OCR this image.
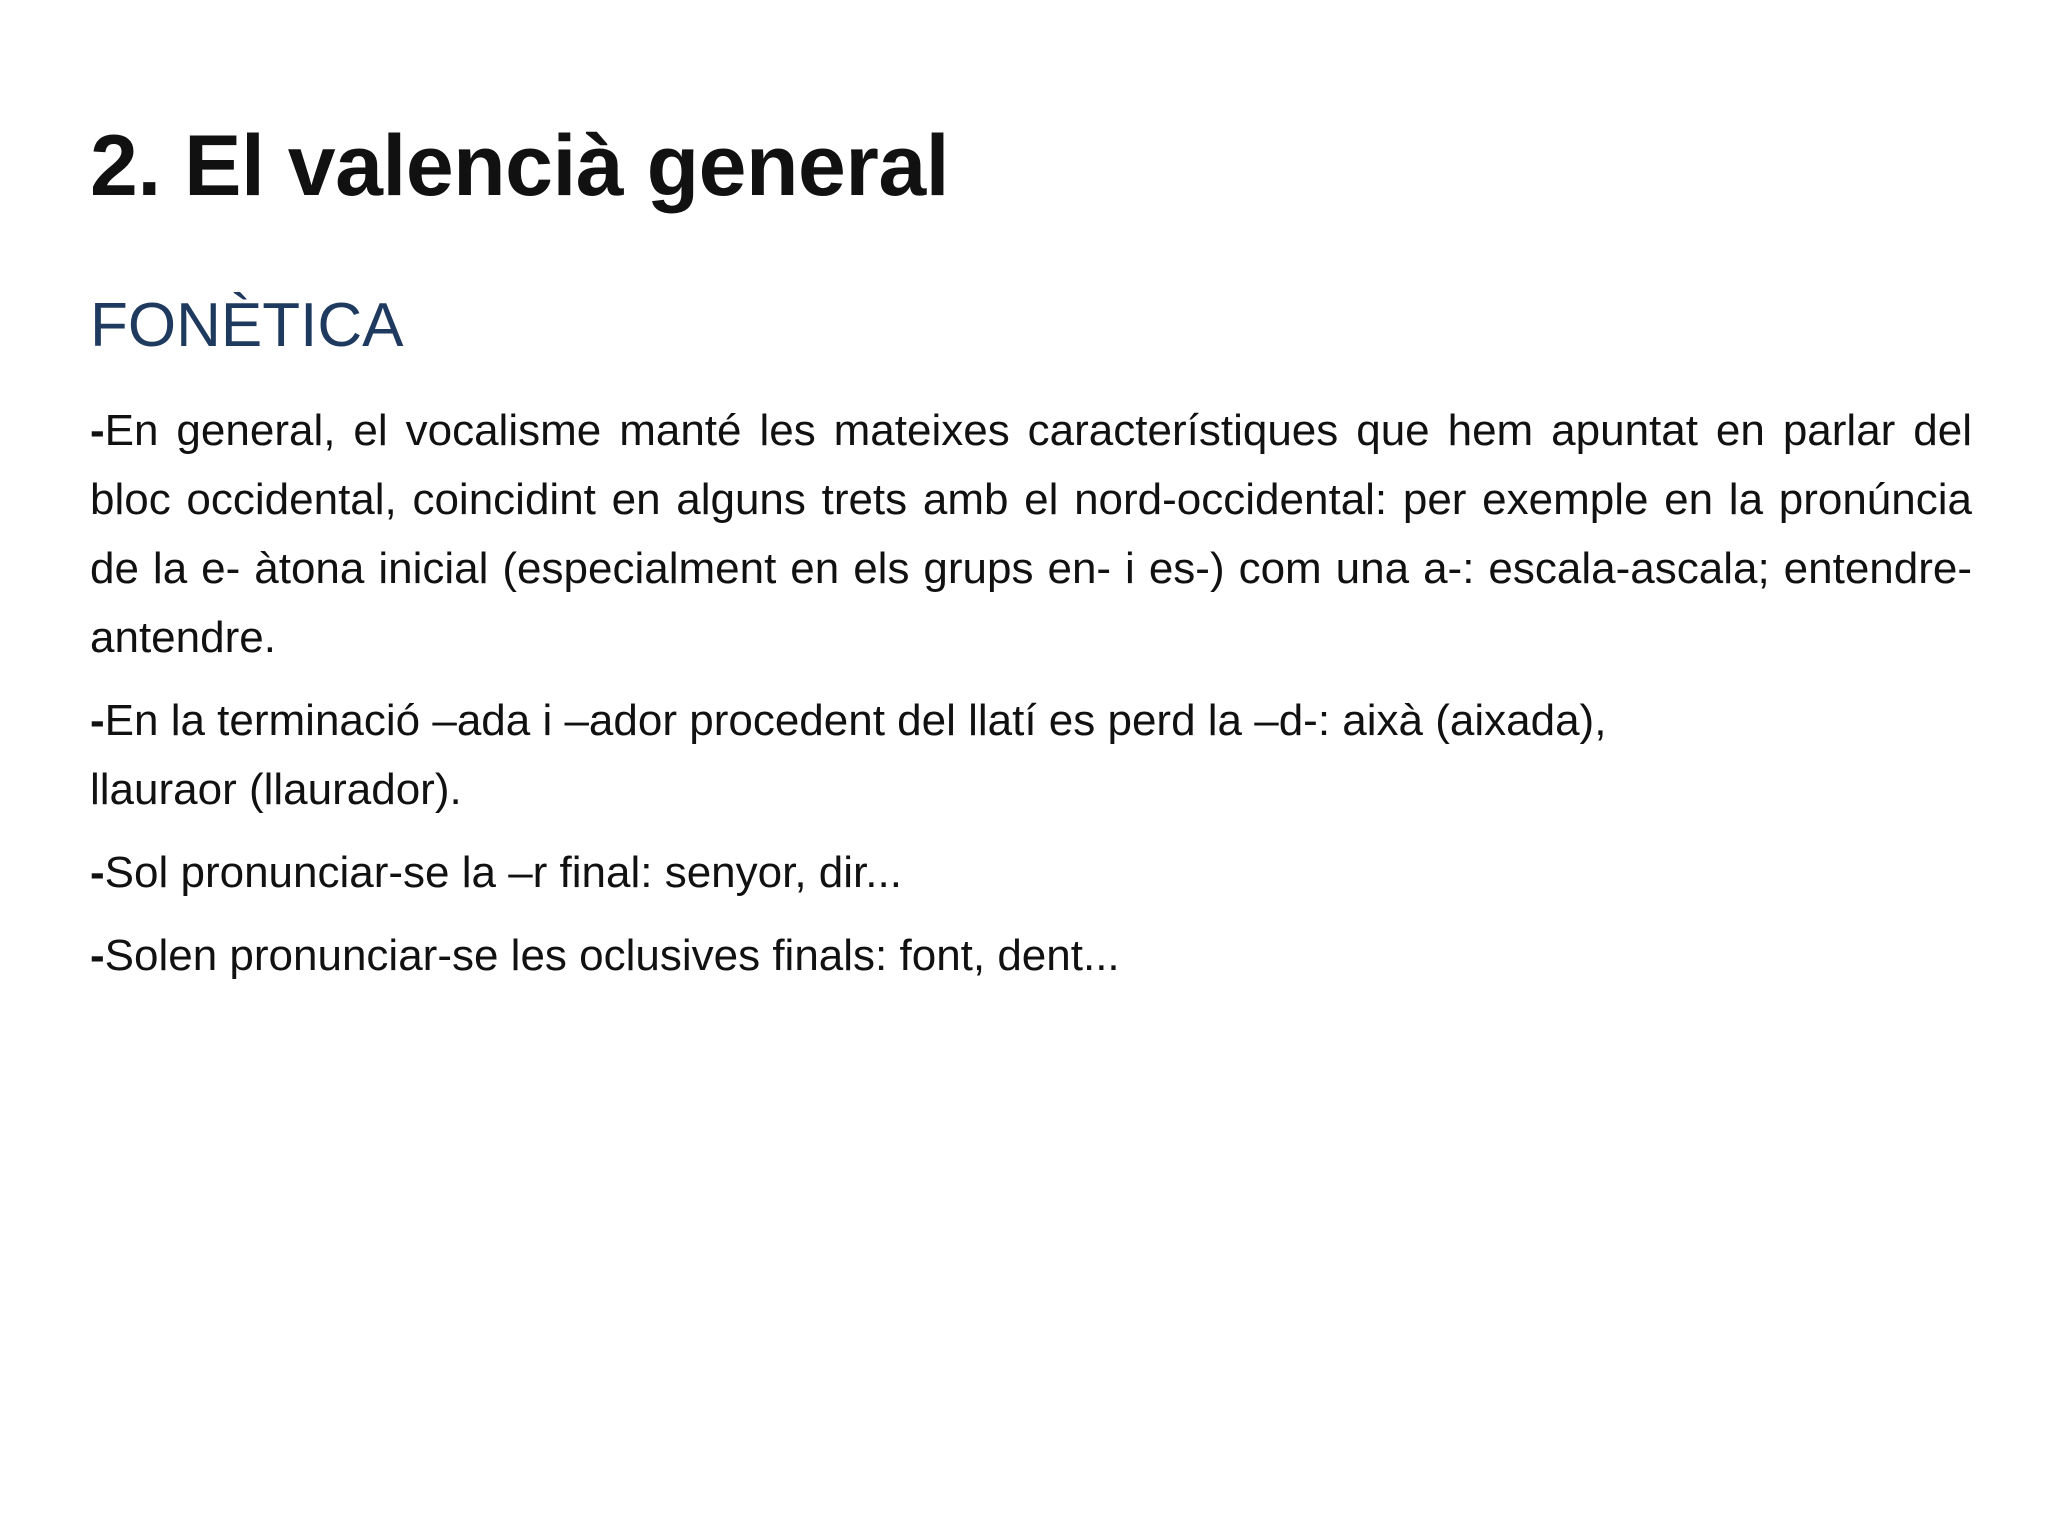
2. El valencià general
FONÈTICA

-En general, el vocalisme manté les mateixes característiques que hem apuntat en parlar del bloc occidental, coincidint en alguns trets amb el nord-occidental: per exemple en la pronúncia de la e- àtona inicial (especialment en els grups en- i es-) com una a-: escala-ascala; entendre-antendre.

-En la terminació –ada i –ador procedent del llatí es perd la –d-: aixà (aixada), llauraor (llaurador).

-Sol pronunciar-se la –r final: senyor, dir...

-Solen pronunciar-se les oclusives finals: font, dent...
